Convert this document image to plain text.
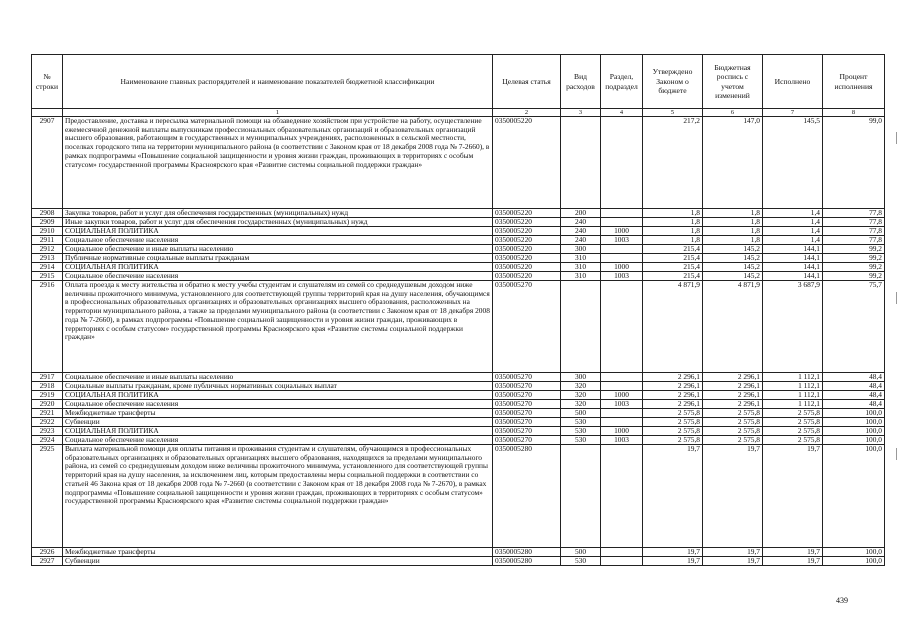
№ строки	Наименование главных распорядителей и наименование показателей бюджетной классификации	Целевая статья	Вид расходов	Раздел, подраздел	Утверждено Законом о бюджете	Бюджетная роспись с учетом изменений	Исполнено	Процент исполнения
	1	2	3	4	5	6	7	8
2907	Предоставление, доставка и пересылка материальной помощи на обзаведение хозяйством при устройстве на работу, осуществление ежемесячной денежной выплаты выпускникам профессиональных образовательных организаций и образовательных организаций высшего образования, работающим в государственных и муниципальных учреждениях, расположенных в сельской местности, поселках городского типа на территории муниципального района (в соответствии с Законом края от 18 декабря 2008 года № 7-2660), в рамках подпрограммы «Повышение социальной защищенности и уровня жизни граждан, проживающих в территориях с особым статусом» государственной программы Красноярского края «Развитие системы социальной поддержки граждан»	0350005220			217,2	147,0	145,5	99,0
2908	Закупка товаров, работ и услуг для обеспечения государственных (муниципальных) нужд	0350005220	200		1,8	1,8	1,4	77,8
2909	Иные закупки товаров, работ и услуг для обеспечения государственных (муниципальных) нужд	0350005220	240		1,8	1,8	1,4	77,8
2910	СОЦИАЛЬНАЯ ПОЛИТИКА	0350005220	240	1000	1,8	1,8	1,4	77,8
2911	Социальное обеспечение населения	0350005220	240	1003	1,8	1,8	1,4	77,8
2912	Социальное обеспечение и иные выплаты населению	0350005220	300		215,4	145,2	144,1	99,2
2913	Публичные нормативные социальные выплаты гражданам	0350005220	310		215,4	145,2	144,1	99,2
2914	СОЦИАЛЬНАЯ ПОЛИТИКА	0350005220	310	1000	215,4	145,2	144,1	99,2
2915	Социальное обеспечение населения	0350005220	310	1003	215,4	145,2	144,1	99,2
2916	Оплата проезда к месту жительства и обратно к месту учебы студентам и слушателям из семей со среднедушевым доходом ниже величины прожиточного минимума, установленного для соответствующей группы территорий края на душу населения, обучающимся в профессиональных образовательных организациях и образовательных организациях высшего образования, расположенных на территории муниципального района, а также за пределами муниципального района (в соответствии с Законом края от 18 декабря 2008 года № 7-2660), в рамках подпрограммы «Повышение социальной защищенности и уровня жизни граждан, проживающих в территориях с особым статусом» государственной программы Красноярского края «Развитие системы социальной поддержки граждан»	0350005270			4 871,9	4 871,9	3 687,9	75,7
2917	Социальное обеспечение и иные выплаты населению	0350005270	300		2 296,1	2 296,1	1 112,1	48,4
2918	Социальные выплаты гражданам, кроме публичных нормативных социальных выплат	0350005270	320		2 296,1	2 296,1	1 112,1	48,4
2919	СОЦИАЛЬНАЯ ПОЛИТИКА	0350005270	320	1000	2 296,1	2 296,1	1 112,1	48,4
2920	Социальное обеспечение населения	0350005270	320	1003	2 296,1	2 296,1	1 112,1	48,4
2921	Межбюджетные трансферты	0350005270	500		2 575,8	2 575,8	2 575,8	100,0
2922	Субвенции	0350005270	530		2 575,8	2 575,8	2 575,8	100,0
2923	СОЦИАЛЬНАЯ ПОЛИТИКА	0350005270	530	1000	2 575,8	2 575,8	2 575,8	100,0
2924	Социальное обеспечение населения	0350005270	530	1003	2 575,8	2 575,8	2 575,8	100,0
2925	Выплата материальной помощи для оплаты питания и проживания студентам и слушателям, обучающимся в профессиональных образовательных организациях и образовательных организациях высшего образования, находящихся за пределами муниципального района, из семей со среднедушевым доходом ниже величины прожиточного минимума, установленного для соответствующей группы территорий края на душу населения, за исключением лиц, которым предоставлены меры социальной поддержки в соответствии со статьей 46 Закона края от 18 декабря 2008 года № 7-2660 (в соответствии с Законом края от 18 декабря 2008 года № 7-2670), в рамках подпрограммы «Повышение социальной защищенности и уровня жизни граждан, проживающих в территориях с особым статусом» государственной программы Красноярского края «Развитие системы социальной поддержки граждан»	0350005280			19,7	19,7	19,7	100,0
2926	Межбюджетные трансферты	0350005280	500		19,7	19,7	19,7	100,0
2927	Субвенции	0350005280	530		19,7	19,7	19,7	100,0
439
